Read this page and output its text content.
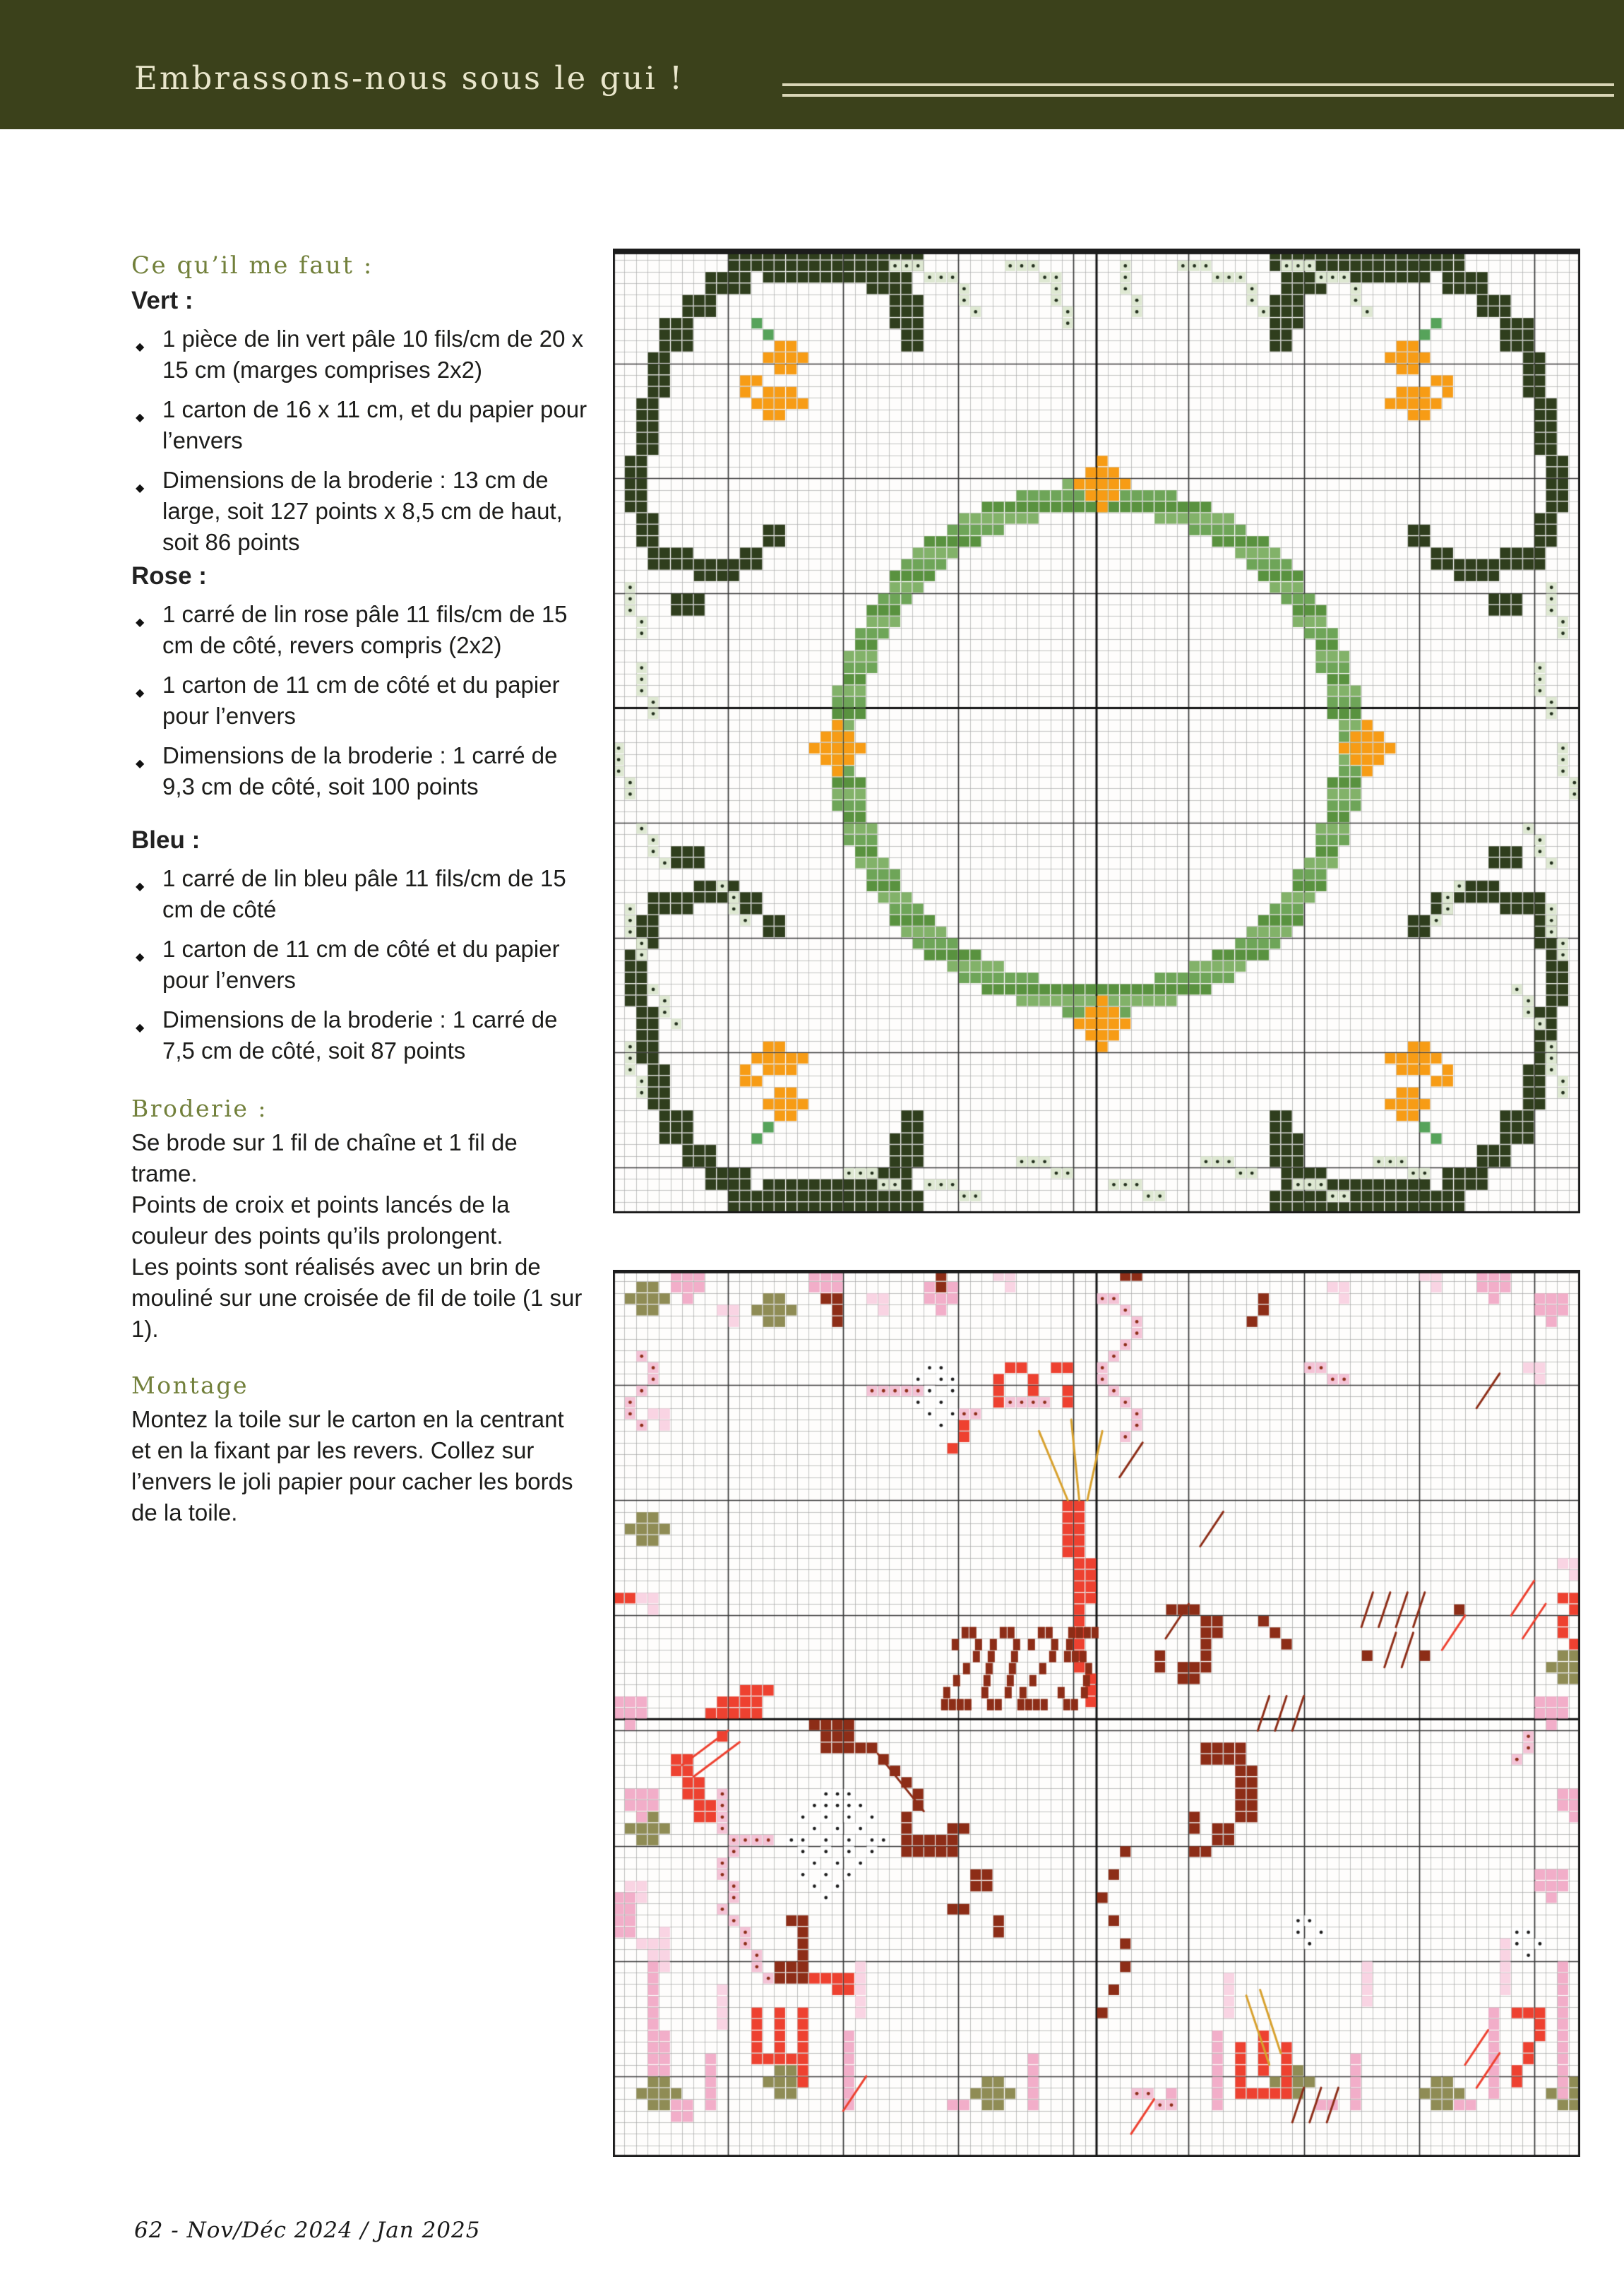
Embrassons-nous sous le gui !

Ce qu’il me faut :

Vert :

◆ 1 pièce de lin vert pâle 10 fils/cm de 20 x 15 cm (marges comprises 2x2)
◆ 1 carton de 16 x 11 cm, et du papier pour l’envers
◆ Dimensions de la broderie : 13 cm de large, soit 127 points x 8,5 cm de haut, soit 86 points

Rose :

◆ 1 carré de lin rose pâle 11 fils/cm de 15 cm de côté, revers compris (2x2)
◆ 1 carton de 11 cm de côté et du papier pour l’envers
◆ Dimensions de la broderie : 1 carré de 9,3 cm de côté, soit 100 points

Bleu :

◆ 1 carré de lin bleu pâle 11 fils/cm de 15 cm de côté
◆ 1 carton de 11 cm de côté et du papier pour l’envers
◆ Dimensions de la broderie : 1 carré de 7,5 cm de côté, soit 87 points

Broderie :

Se brode sur 1 fil de chaîne et 1 fil de trame.

Points de croix et points lancés de la couleur des points qu’ils prolongent.

Les points sont réalisés avec un brin de mouliné sur une croisée de fil de toile (1 sur 1).

Montage

Montez la toile sur le carton en la centrant et en la fixant par les revers. Collez sur l’envers le joli papier pour cacher les bords de la toile.

62 - Nov/Déc 2024 / Jan 2025
